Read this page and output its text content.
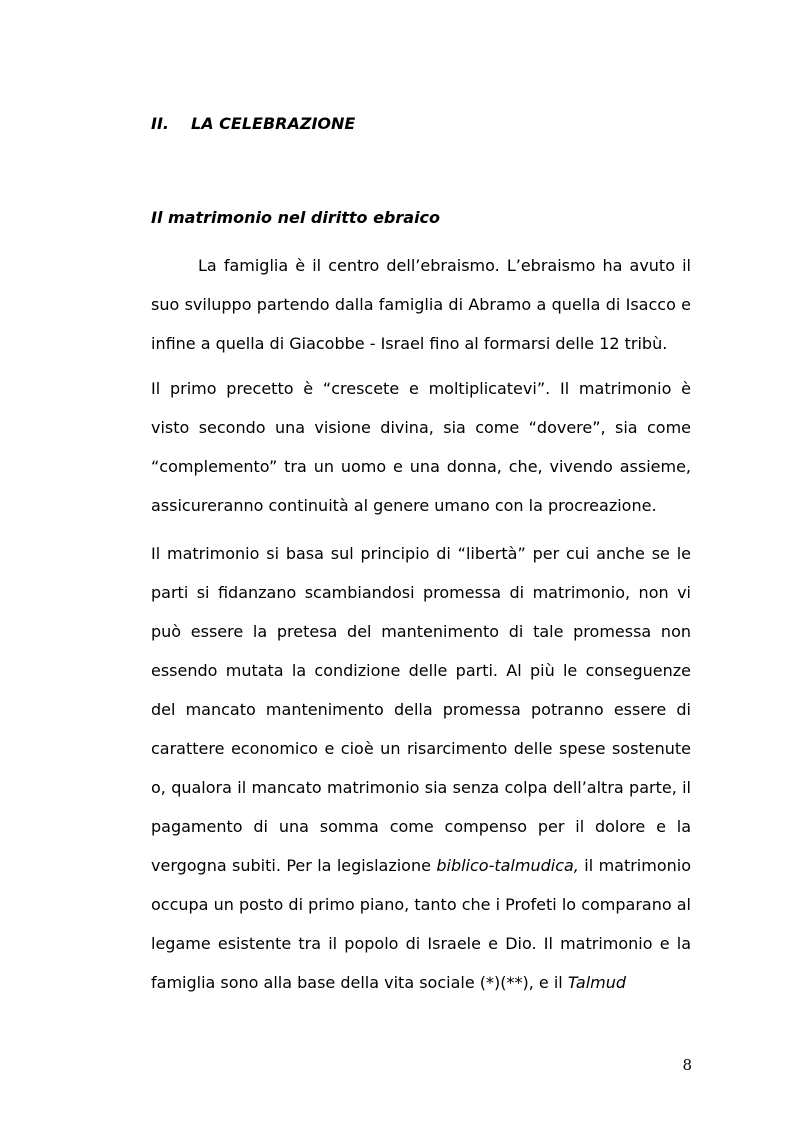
II. LA CELEBRAZIONE
Il matrimonio nel diritto ebraico

La famiglia è il centro dell’ebraismo. L’ebraismo ha avuto il suo sviluppo partendo dalla famiglia di Abramo a quella di Isacco e infine a quella di Giacobbe - Israel fino al formarsi delle 12 tribù.

Il primo precetto è “crescete e moltiplicatevi”. Il matrimonio è visto secondo una visione divina, sia come “dovere”, sia come “complemento” tra un uomo e una donna, che, vivendo assieme, assicureranno continuità al genere umano con la procreazione.

Il matrimonio si basa sul principio di “libertà” per cui anche se le parti si fidanzano scambiandosi promessa di matrimonio, non vi può essere la pretesa del mantenimento di tale promessa non essendo mutata la condizione delle parti. Al più le conseguenze del mancato mantenimento della promessa potranno essere di carattere economico e cioè un risarcimento delle spese sostenute o, qualora il mancato matrimonio sia senza colpa dell’altra parte, il pagamento di una somma come compenso per il dolore e la vergogna subiti. Per la legislazione biblico-talmudica, il matrimonio occupa un posto di primo piano, tanto che i Profeti lo comparano al legame esistente tra il popolo di Israele e Dio. Il matrimonio e la famiglia sono alla base della vita sociale (*)(**), e il Talmud

8
